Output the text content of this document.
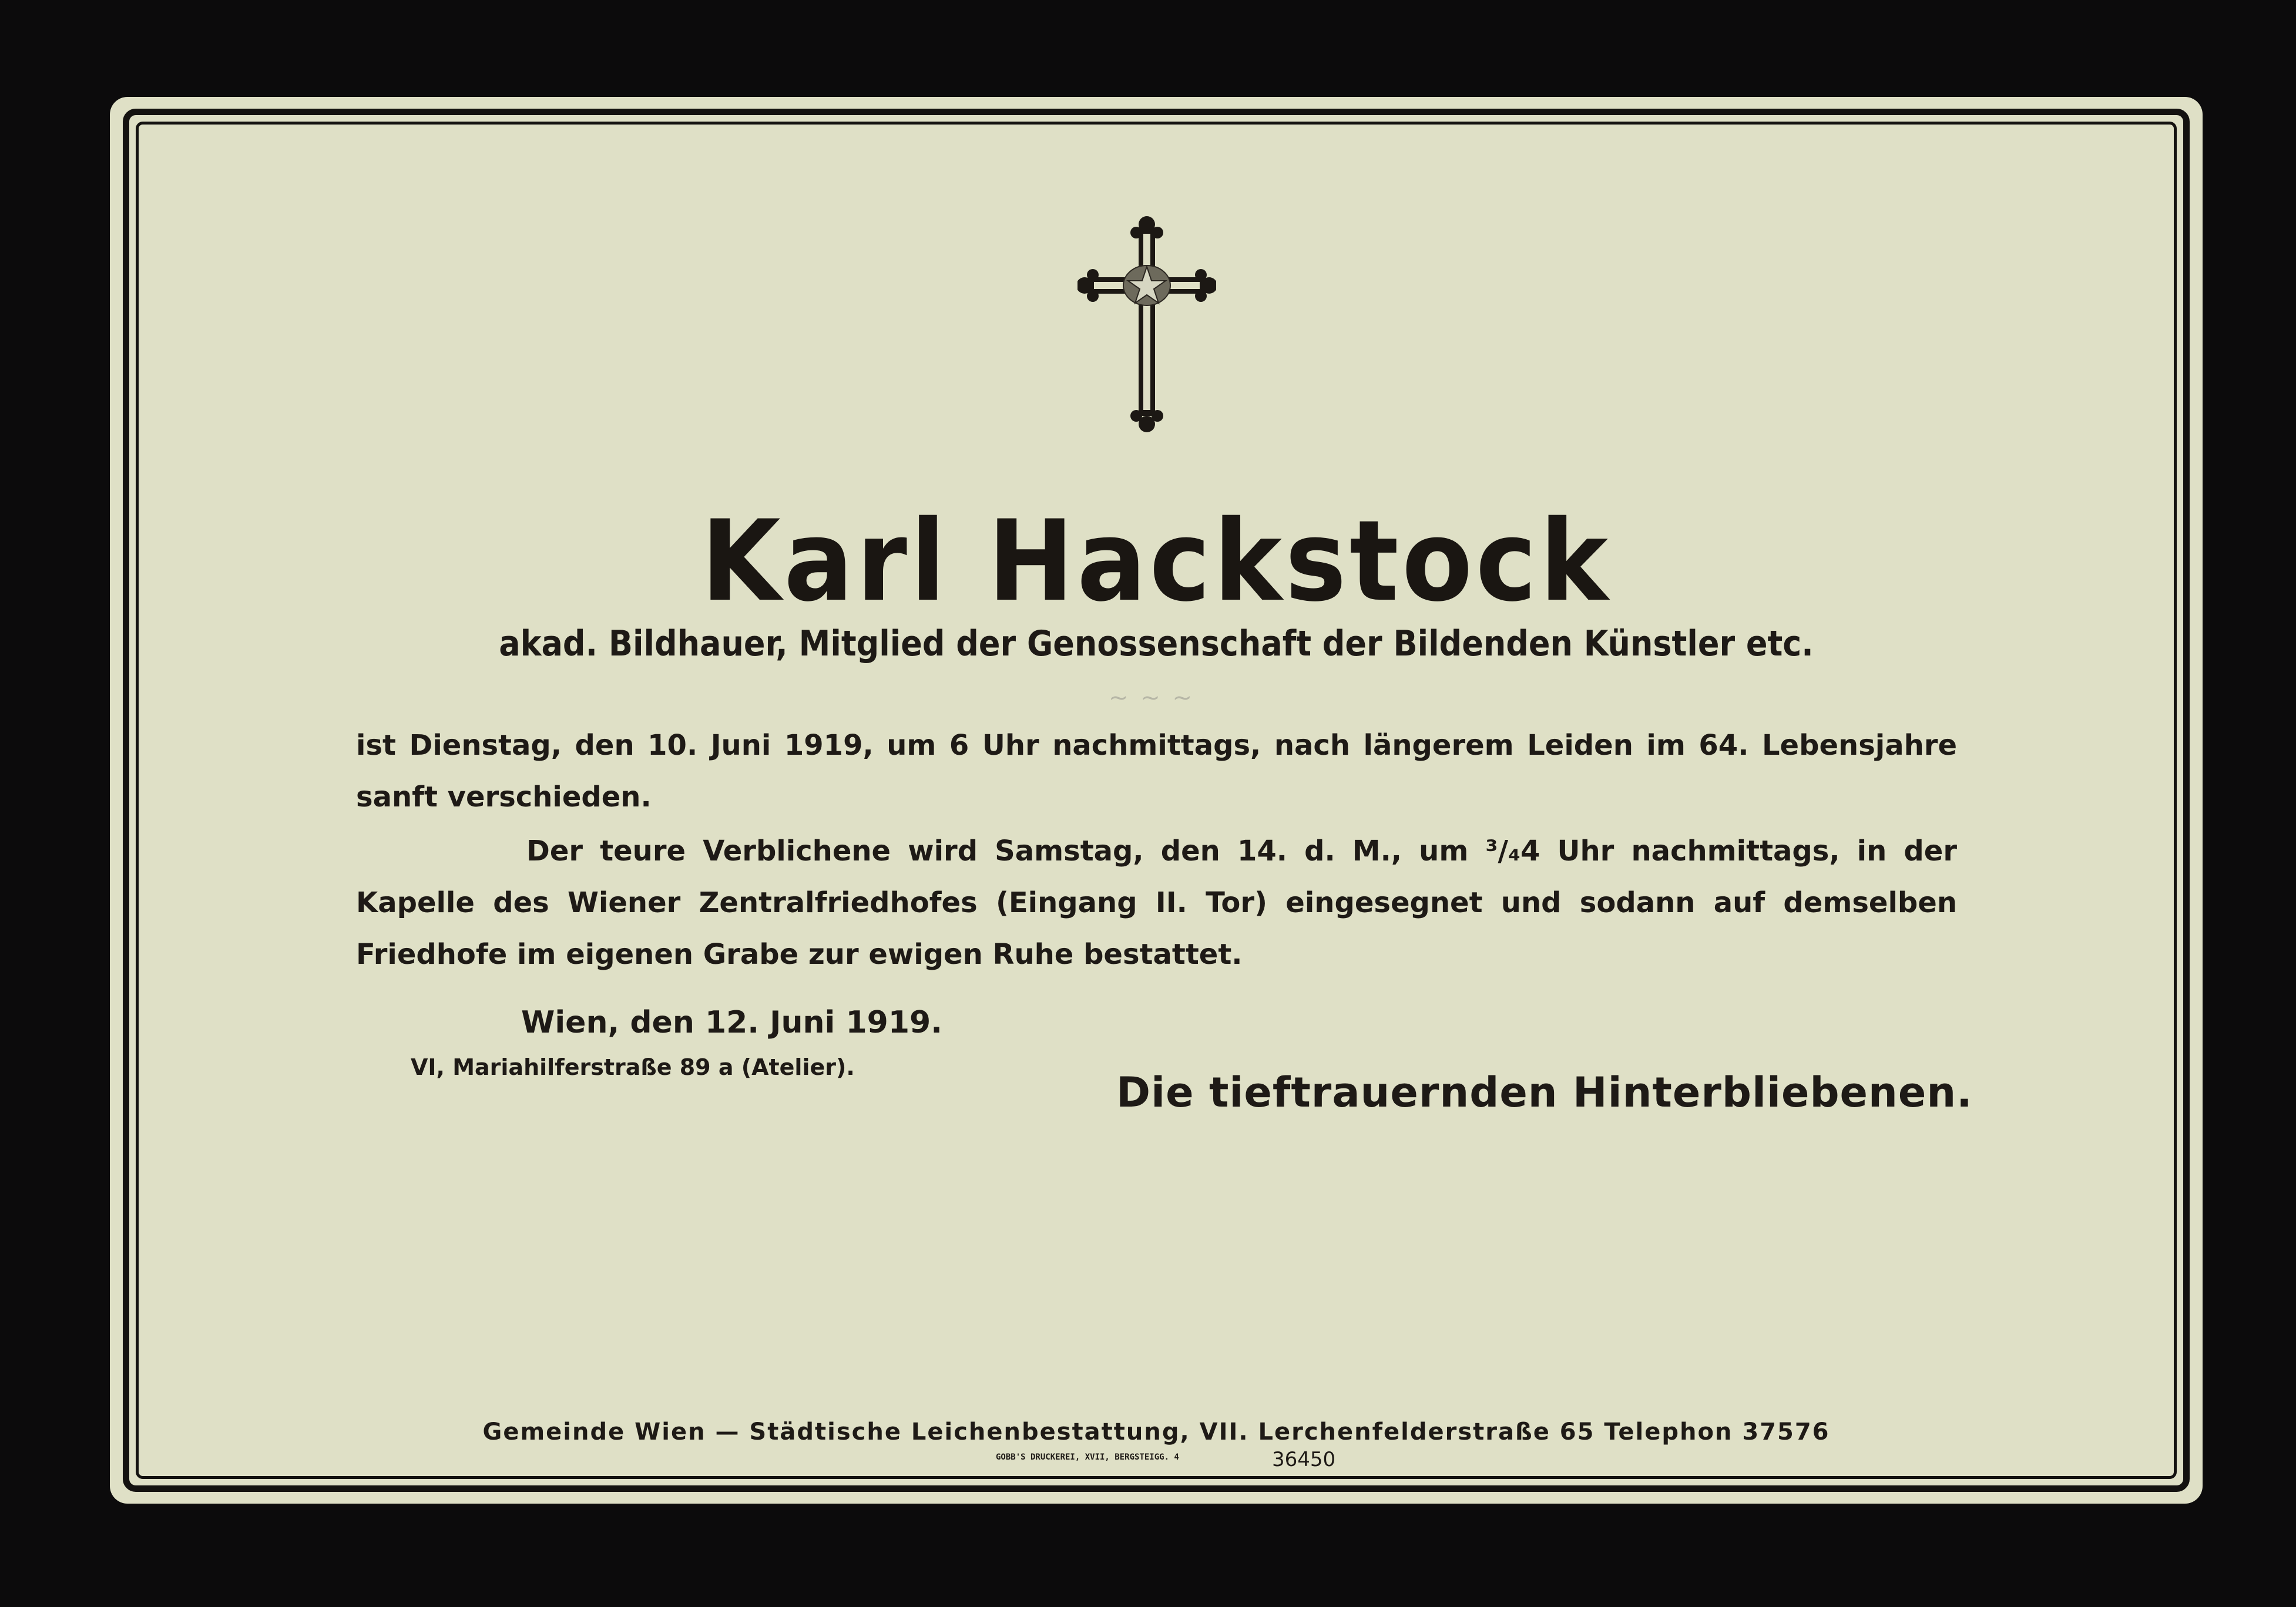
Karl Hackstock
akad. Bildhauer, Mitglied der Genossenschaft der Bildenden Künstler etc.
~ ~ ~
ist Dienstag, den 10. Juni 1919, um 6 Uhr nachmittags, nach längerem Leiden im 64. Lebensjahre sanft verschieden.
Der teure Verblichene wird Samstag, den 14. d. M., um ³/₄4 Uhr nachmittags, in der Kapelle des Wiener Zentralfriedhofes (Eingang II. Tor) eingesegnet und sodann auf demselben Friedhofe im eigenen Grabe zur ewigen Ruhe bestattet.
Wien, den 12. Juni 1919.
VI, Mariahilferstraße 89 a (Atelier).
Die tieftrauernden Hinterbliebenen.
Gemeinde Wien — Städtische Leichenbestattung, VII. Lerchenfelderstraße 65 Telephon 37576
GOBB'S DRUCKEREI, XVII, BERGSTEIGG. 4	36450
